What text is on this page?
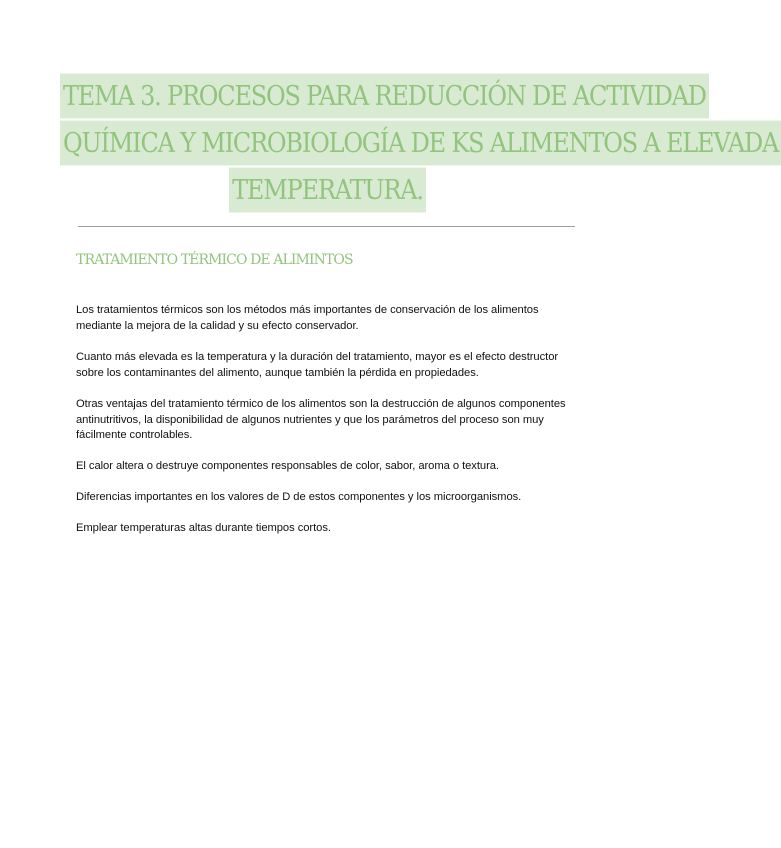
TEMA 3. PROCESOS PARA REDUCCIÓN DE ACTIVIDAD
QUÍMICA Y MICROBIOLOGÍA DE KS ALIMENTOS A ELEVADA
TEMPERATURA.
TRATAMIENTO TÉRMICO DE ALIMINTOS

Los tratamientos térmicos son los métodos más importantes de conservación de los alimentos mediante la mejora de la calidad y su efecto conservador.

Cuanto más elevada es la temperatura y la duración del tratamiento, mayor es el efecto destructor sobre los contaminantes del alimento, aunque también la pérdida en propiedades.

Otras ventajas del tratamiento térmico de los alimentos son la destrucción de algunos componentes antinutritivos, la disponibilidad de algunos nutrientes y que los parámetros del proceso son muy fácilmente controlables.

El calor altera o destruye componentes responsables de color, sabor, aroma o textura.

Diferencias importantes en los valores de D de estos componentes y los microorganismos.

Emplear temperaturas altas durante tiempos cortos.
